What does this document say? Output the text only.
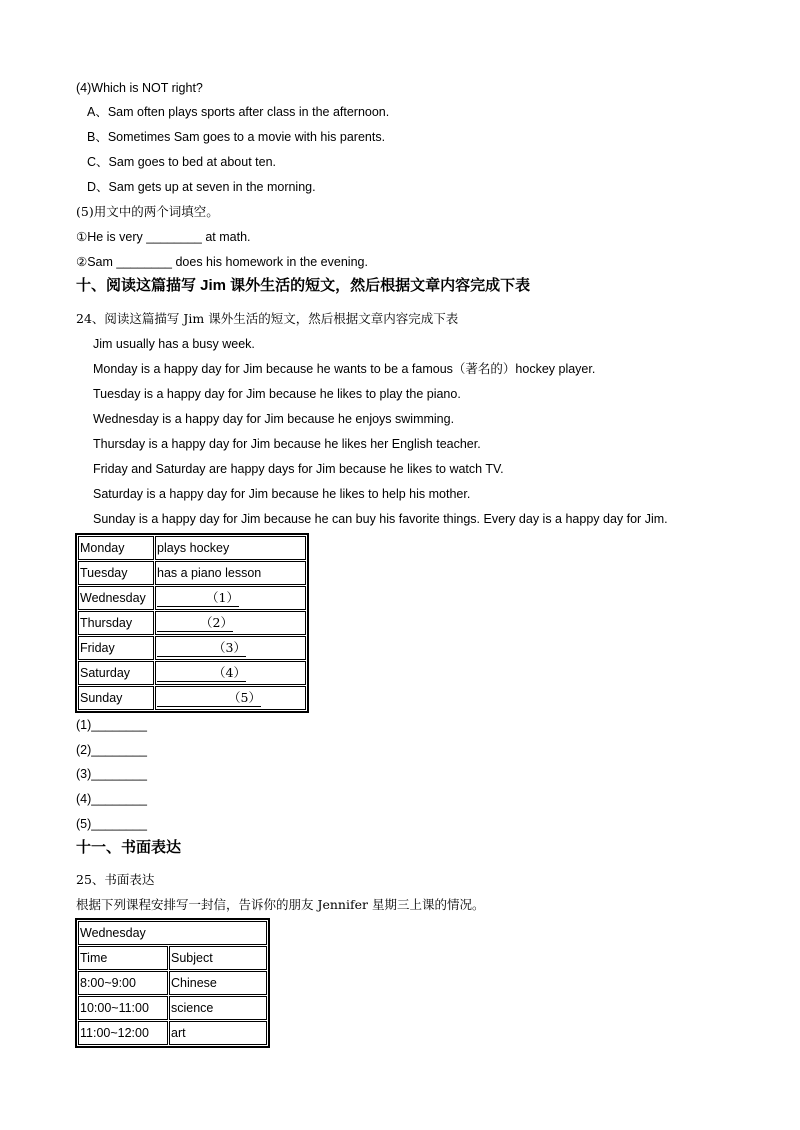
(4)Which is NOT right?
A、Sam often plays sports after class in the afternoon.
B、Sometimes Sam goes to a movie with his parents.
C、Sam goes to bed at about ten.
D、Sam gets up at seven in the morning.
(5)用文中的两个词填空。
①He is very ________ at math.
②Sam ________ does his homework in the evening.
十、阅读这篇描写 Jim 课外生活的短文，然后根据文章内容完成下表
24、阅读这篇描写 Jim 课外生活的短文，然后根据文章内容完成下表
Jim usually has a busy week.
Monday is a happy day for Jim because he wants to be a famous（著名的）hockey player.
Tuesday is a happy day for Jim because he likes to play the piano.
Wednesday is a happy day for Jim because he enjoys swimming.
Thursday is a happy day for Jim because he likes her English teacher.
Friday and Saturday are happy days for Jim because he likes to watch TV.
Saturday is a happy day for Jim because he likes to help his mother.
Sunday is a happy day for Jim because he can buy his favorite things. Every day is a happy day for Jim.
Monday	plays hockey
Tuesday	has a piano lesson
Wednesday	（1）
Thursday	（2）
Friday	（3）
Saturday	（4）
Sunday	（5）
(1)________
(2)________
(3)________
(4)________
(5)________
十一、书面表达
25、书面表达
根据下列课程安排写一封信，告诉你的朋友 Jennifer 星期三上课的情况。
Wednesday	
Time	Subject
8:00~9:00	Chinese
10:00~11:00	science
11:00~12:00	art
